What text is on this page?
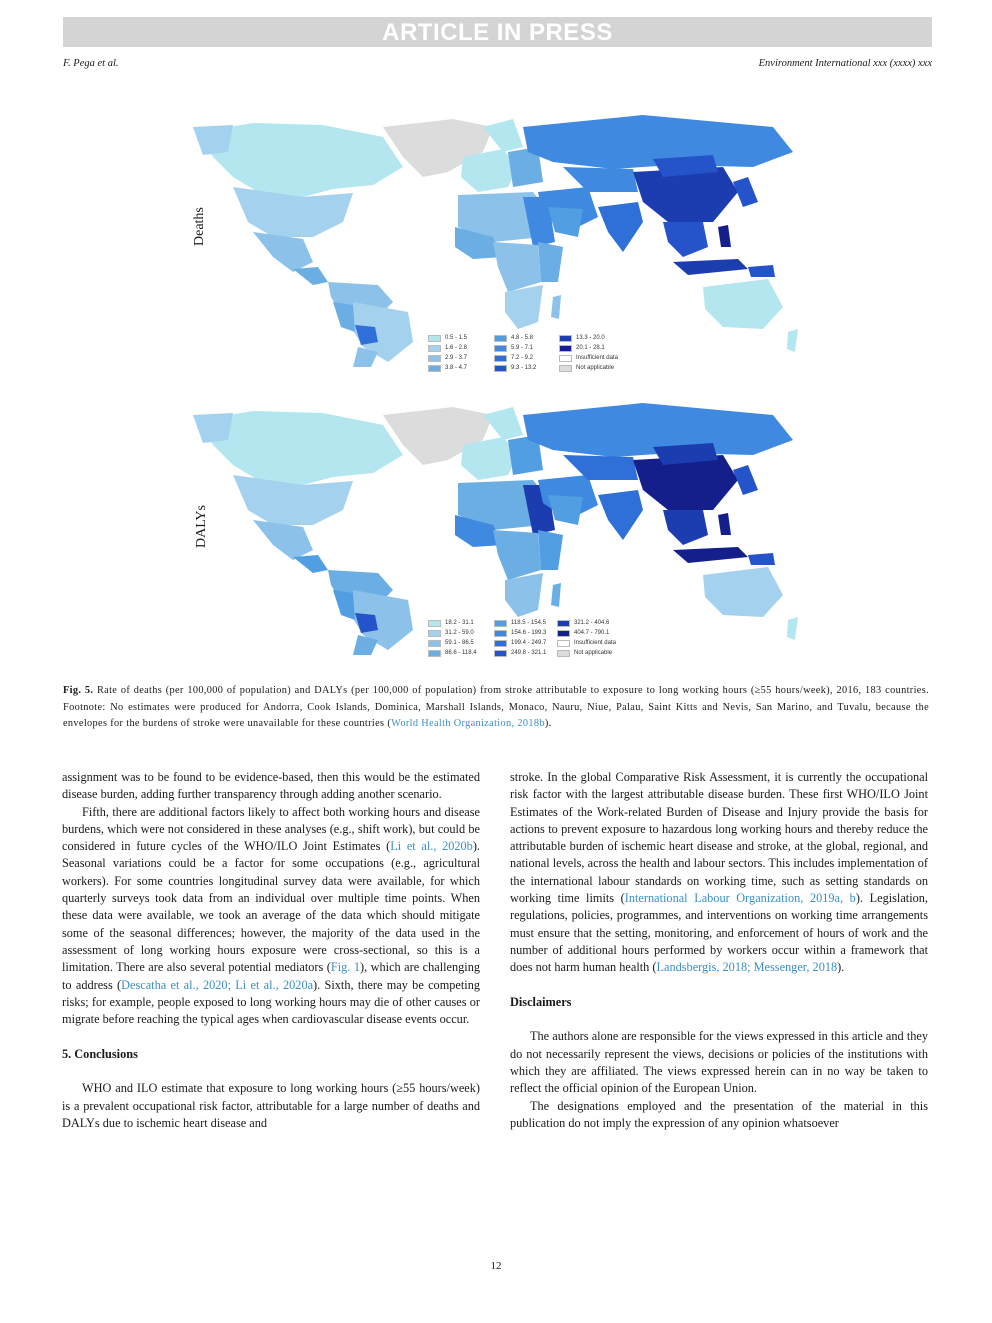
ARTICLE IN PRESS
F. Pega et al.	Environment International xxx (xxxx) xxx
Deaths
0.5 - 1.5
1.6 - 2.8
2.9 - 3.7
3.8 - 4.7
4.8 - 5.8
5.9 - 7.1
7.2 - 9.2
9.3 - 13.2
13.3 - 20.0
20.1 - 28.1
Insufficient data
Not applicable
DALYs
18.2 - 31.1
31.2 - 59.0
59.1 - 86.5
86.6 - 118.4
118.5 - 154.5
154.6 - 199.3
199.4 - 249.7
249.8 - 321.1
321.2 - 404.6
404.7 - 790.1
Insufficient data
Not applicable
Fig. 5. Rate of deaths (per 100,000 of population) and DALYs (per 100,000 of population) from stroke attributable to exposure to long working hours (≥55 hours/week), 2016, 183 countries. Footnote: No estimates were produced for Andorra, Cook Islands, Dominica, Marshall Islands, Monaco, Nauru, Niue, Palau, Saint Kitts and Nevis, San Marino, and Tuvalu, because the envelopes for the burdens of stroke were unavailable for these countries (World Health Organization, 2018b).

assignment was to be found to be evidence-based, then this would be the estimated disease burden, adding further transparency through adding another scenario.

Fifth, there are additional factors likely to affect both working hours and disease burdens, which were not considered in these analyses (e.g., shift work), but could be considered in future cycles of the WHO/ILO Joint Estimates (Li et al., 2020b). Seasonal variations could be a factor for some occupations (e.g., agricultural workers). For some countries longitudinal survey data were available, for which quarterly surveys took data from an individual over multiple time points. When these data were available, we took an average of the data which should mitigate some of the seasonal differences; however, the majority of the data used in the assessment of long working hours exposure were cross-sectional, so this is a limitation. There are also several potential mediators (Fig. 1), which are challenging to address (Descatha et al., 2020; Li et al., 2020a). Sixth, there may be competing risks; for example, people exposed to long working hours may die of other causes or migrate before reaching the typical ages when cardiovascular disease events occur.

5. Conclusions

WHO and ILO estimate that exposure to long working hours (≥55 hours/week) is a prevalent occupational risk factor, attributable for a large number of deaths and DALYs due to ischemic heart disease and

stroke. In the global Comparative Risk Assessment, it is currently the occupational risk factor with the largest attributable disease burden. These first WHO/ILO Joint Estimates of the Work-related Burden of Disease and Injury provide the basis for actions to prevent exposure to hazardous long working hours and thereby reduce the attributable burden of ischemic heart disease and stroke, at the global, regional, and national levels, across the health and labour sectors. This includes implementation of the international labour standards on working time, such as setting standards on working time limits (International Labour Organization, 2019a, b). Legislation, regulations, policies, programmes, and interventions on working time arrangements must ensure that the setting, monitoring, and enforcement of hours of work and the number of additional hours performed by workers occur within a framework that does not harm human health (Landsbergis, 2018; Messenger, 2018).

Disclaimers

The authors alone are responsible for the views expressed in this article and they do not necessarily represent the views, decisions or policies of the institutions with which they are affiliated. The views expressed herein can in no way be taken to reflect the official opinion of the European Union.

The designations employed and the presentation of the material in this publication do not imply the expression of any opinion whatsoever

12
